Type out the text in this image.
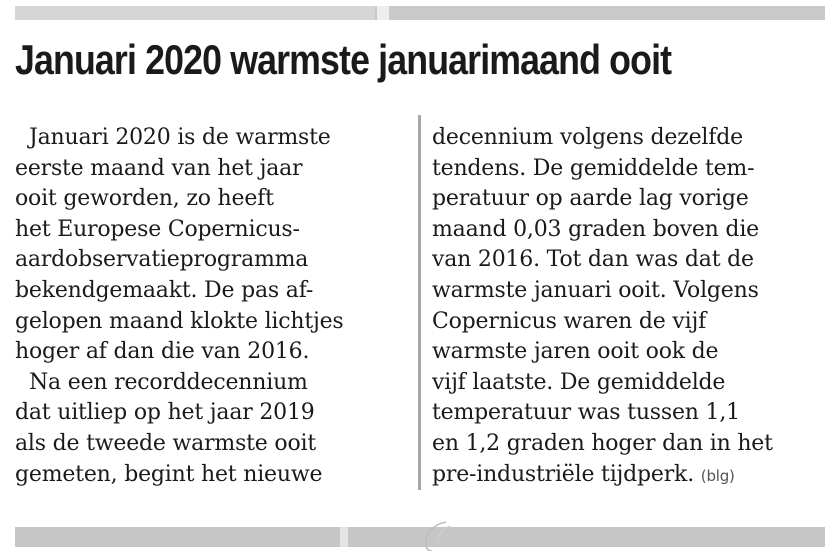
Januari 2020 warmste januarimaand ooit
Januari 2020 is de warmste
eerste maand van het jaar
ooit geworden, zo heeft
het Europese Copernicus-
aardobservatieprogramma
bekendgemaakt. De pas af-
gelopen maand klokte lichtjes
hoger af dan die van 2016.
Na een recorddecennium
dat uitliep op het jaar 2019
als de tweede warmste ooit
gemeten, begint het nieuwe
decennium volgens dezelfde
tendens. De gemiddelde tem-
peratuur op aarde lag vorige
maand 0,03 graden boven die
van 2016. Tot dan was dat de
warmste januari ooit. Volgens
Copernicus waren de vijf
warmste jaren ooit ook de
vijf laatste. De gemiddelde
temperatuur was tussen 1,1
en 1,2 graden hoger dan in het
pre-industriële tijdperk. (blg)
